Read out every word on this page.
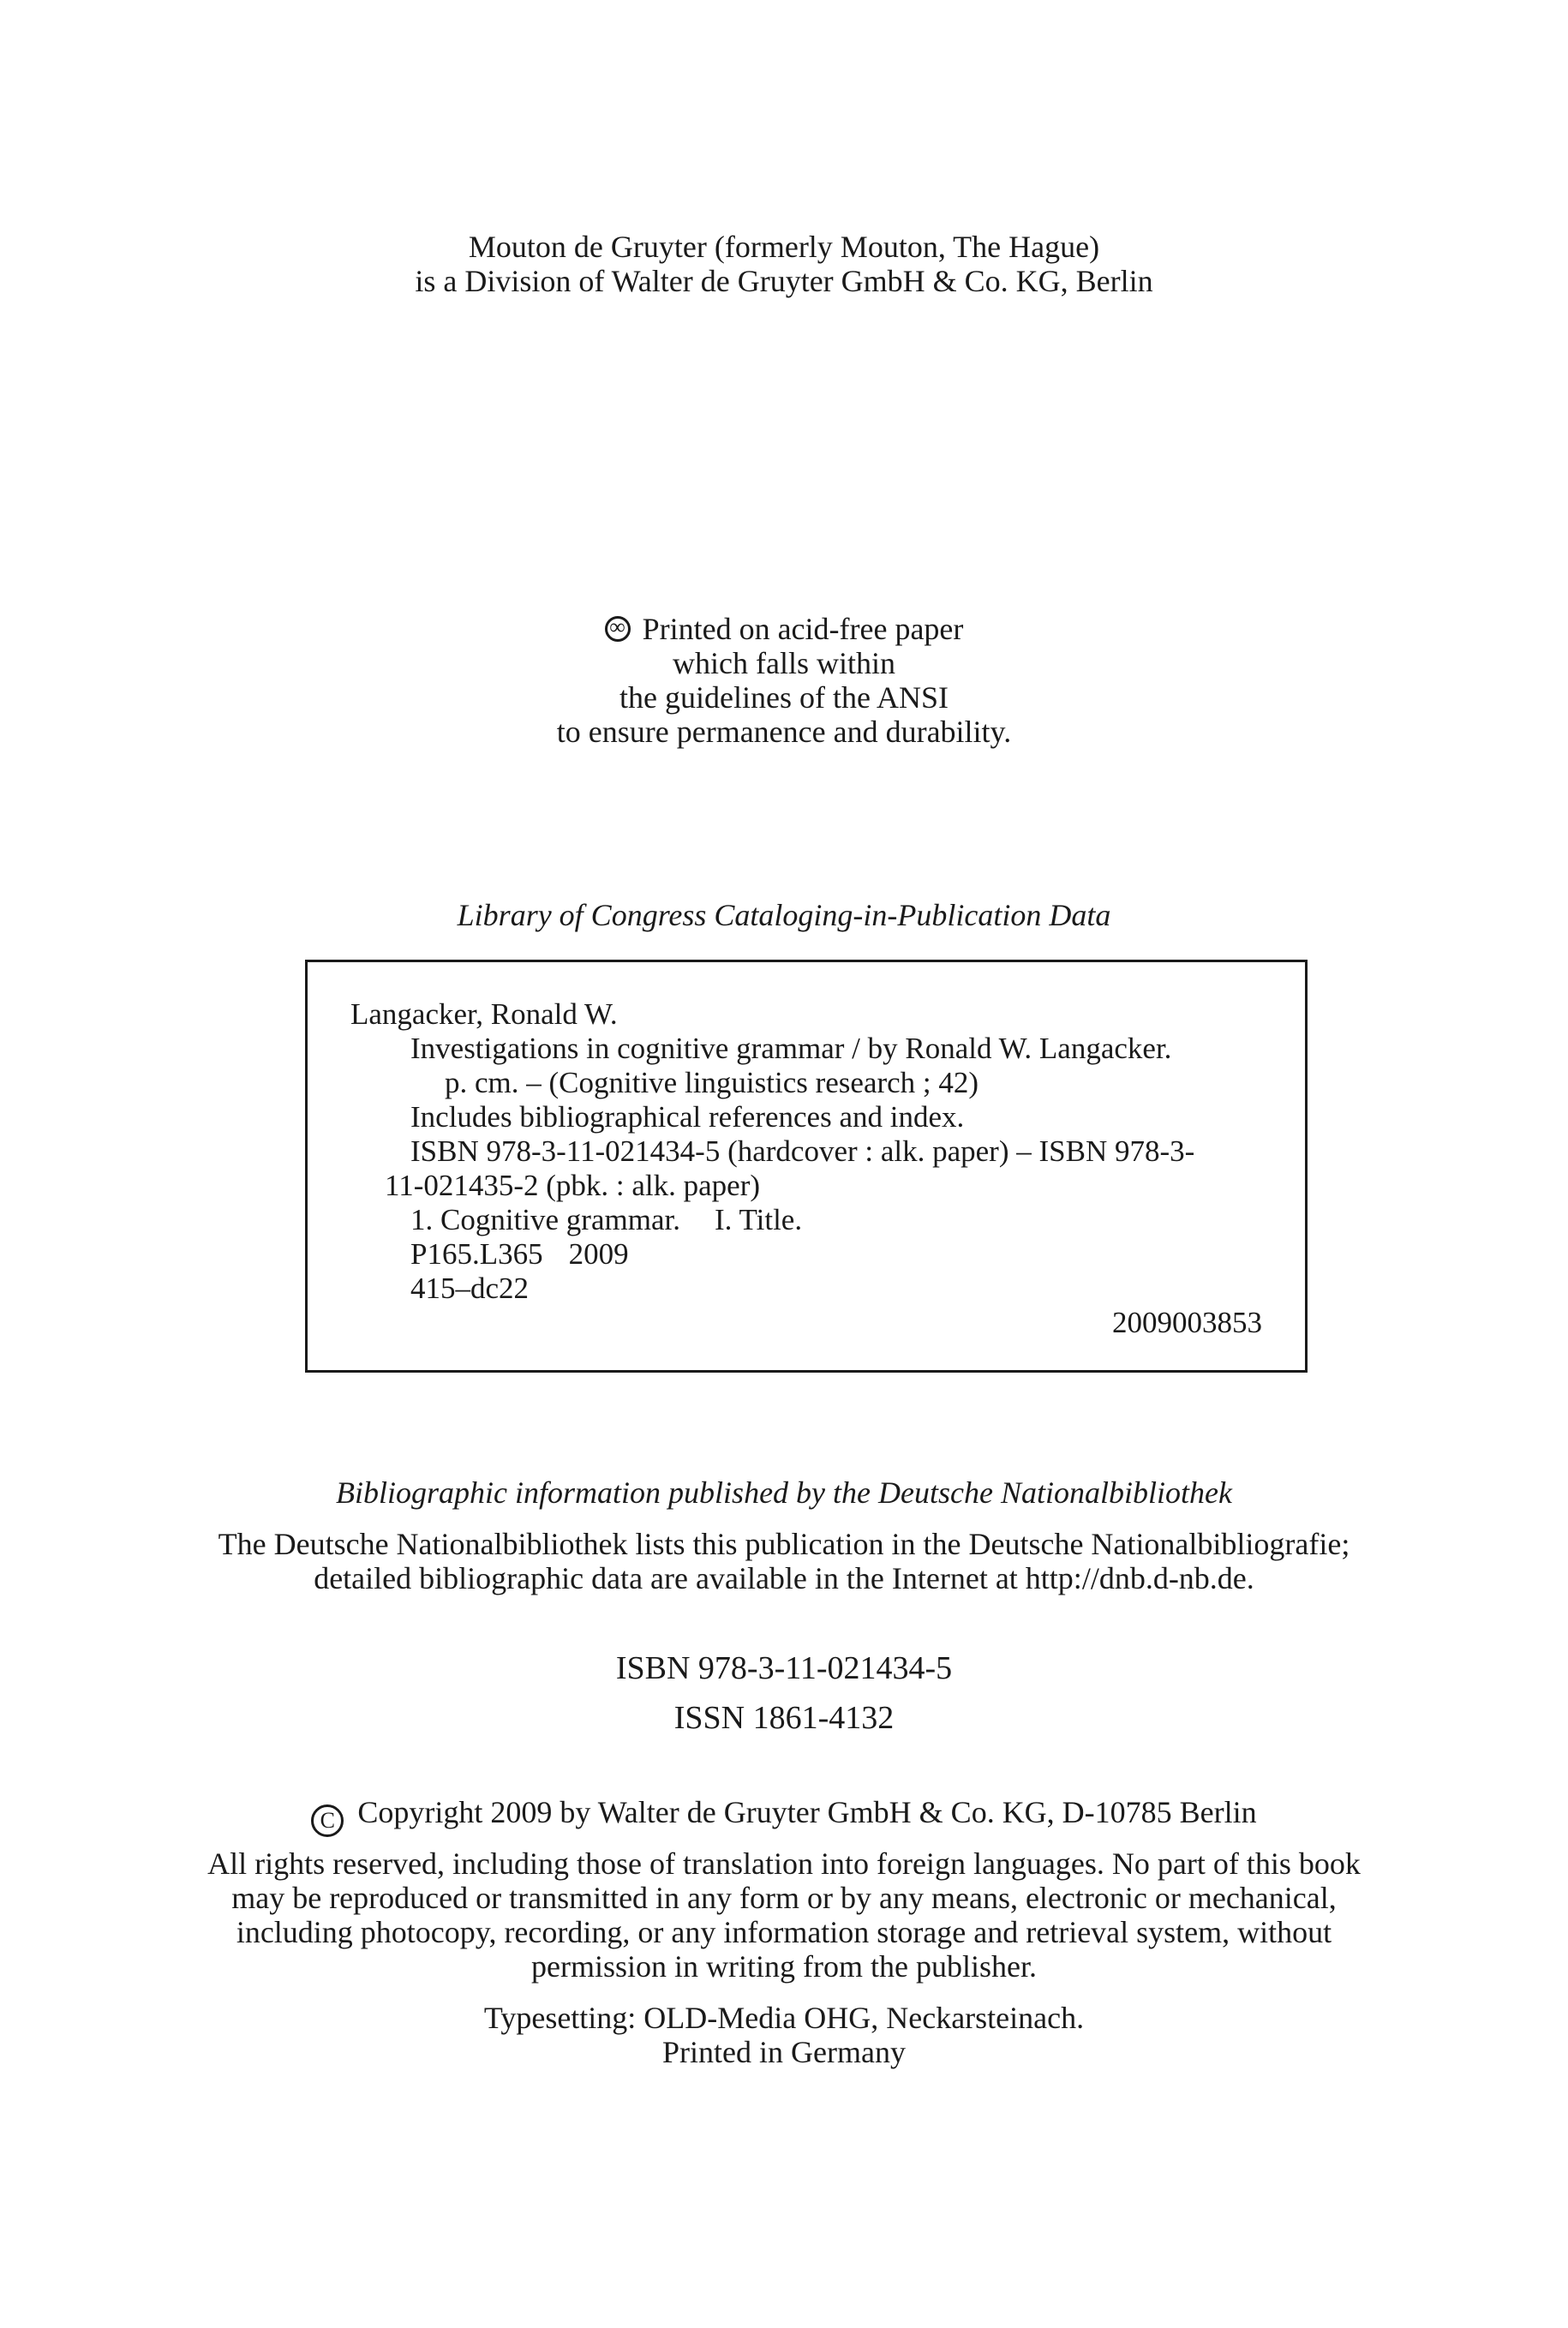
Mouton de Gruyter (formerly Mouton, The Hague)
is a Division of Walter de Gruyter GmbH & Co. KG, Berlin
∞Printed on acid-free paper
which falls within
the guidelines of the ANSI
to ensure permanence and durability.
Library of Congress Cataloging-in-Publication Data
Langacker, Ronald W.
Investigations in cognitive grammar / by Ronald W. Langacker.
p. cm. – (Cognitive linguistics research ; 42)
Includes bibliographical references and index.
ISBN 978-3-11-021434-5 (hardcover : alk. paper) – ISBN 978-3-
11-021435-2 (pbk. : alk. paper)
1. Cognitive grammar. I. Title.
P165.L365 2009
415–dc22
2009003853
Bibliographic information published by the Deutsche Nationalbibliothek
The Deutsche Nationalbibliothek lists this publication in the Deutsche Nationalbibliografie;
detailed bibliographic data are available in the Internet at http://dnb.d-nb.de.
ISBN 978-3-11-021434-5
ISSN 1861-4132
C Copyright 2009 by Walter de Gruyter GmbH & Co. KG, D-10785 Berlin
All rights reserved, including those of translation into foreign languages. No part of this book
may be reproduced or transmitted in any form or by any means, electronic or mechanical,
including photocopy, recording, or any information storage and retrieval system, without
permission in writing from the publisher.
Typesetting: OLD-Media OHG, Neckarsteinach.
Printed in Germany
